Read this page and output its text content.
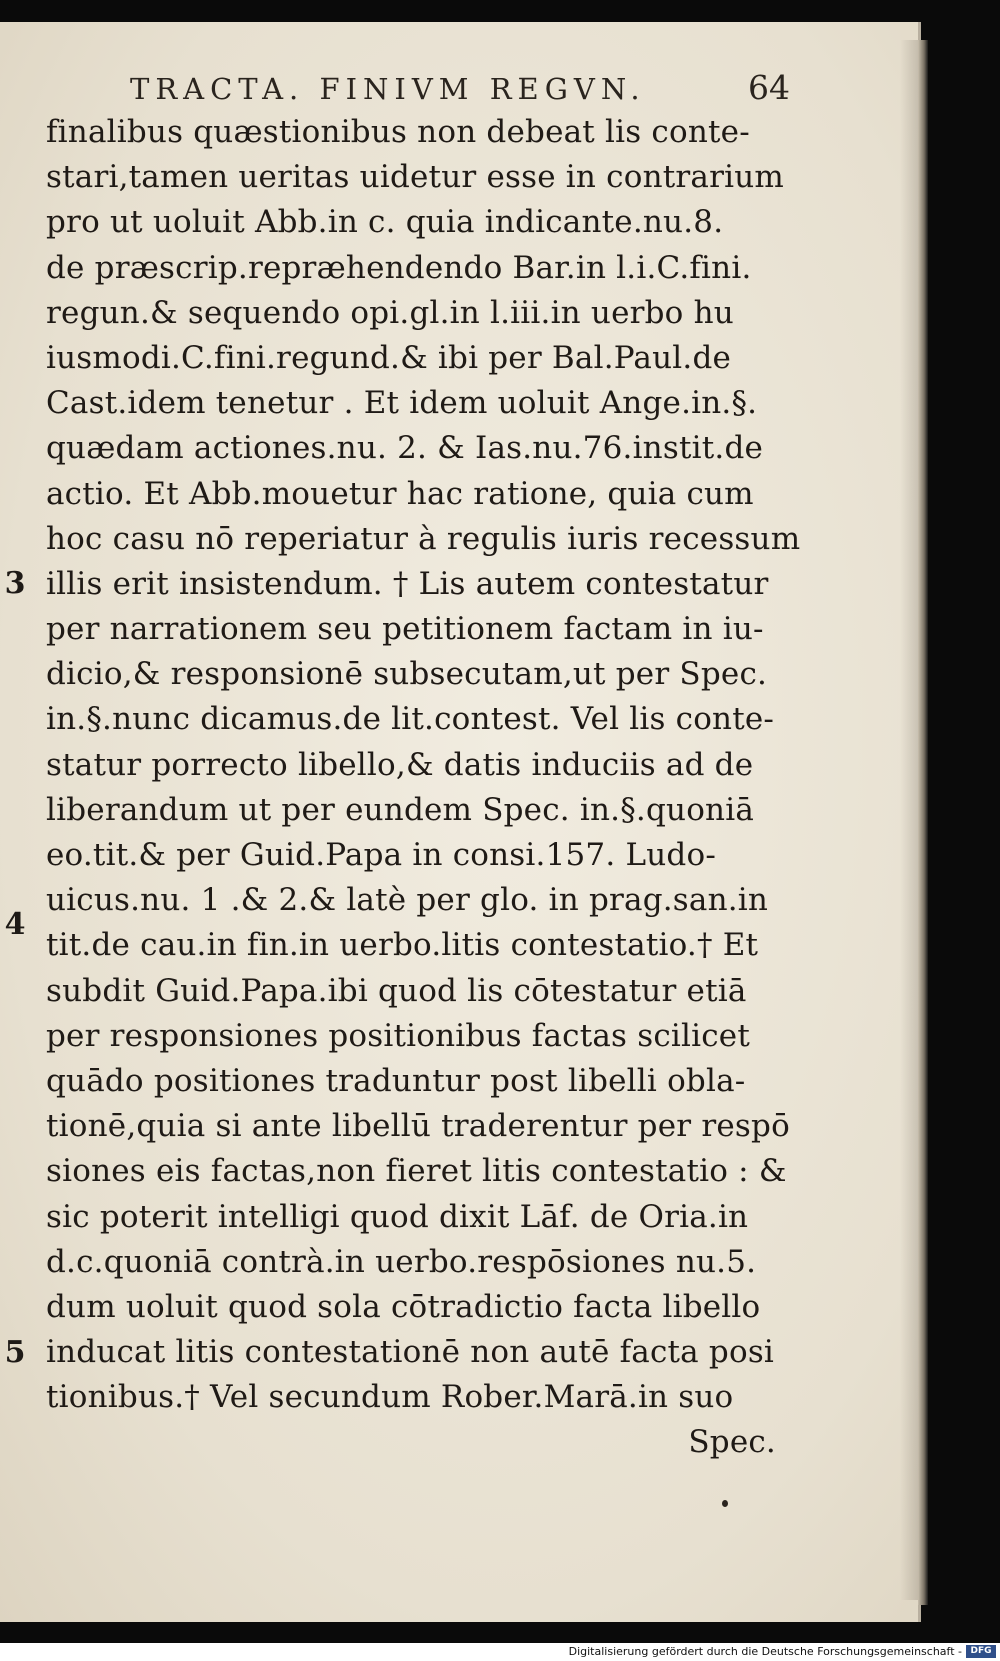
TRACTA. FINIVM REGVN.	64
finalibus quæstionibus non debeat lis conte-
stari,tamen ueritas uidetur esse in contrarium
pro ut uoluit Abb.in c. quia indicante.nu.8.
de præscrip.repræhendendo Bar.in l.i.C.fini.
regun.& sequendo opi.gl.in l.iii.in uerbo hu
iusmodi.C.fini.regund.& ibi per Bal.Paul.de
Cast.idem tenetur . Et idem uoluit Ange.in.§.
quædam actiones.nu. 2. & Ias.nu.76.instit.de
actio. Et Abb.mouetur hac ratione, quia cum
hoc casu nō reperiatur à regulis iuris recessum
illis erit insistendum. † Lis autem contestatur
per narrationem seu petitionem factam in iu-
dicio,& responsionē subsecutam,ut per Spec.
in.§.nunc dicamus.de lit.contest. Vel lis conte-
statur porrecto libello,& datis induciis ad de
liberandum ut per eundem Spec. in.§.quoniā
eo.tit.& per Guid.Papa in consi.157. Ludo-
uicus.nu. 1 .& 2.& latè per glo. in prag.san.in
tit.de cau.in fin.in uerbo.litis contestatio.† Et
subdit Guid.Papa.ibi quod lis cōtestatur etiā
per responsiones positionibus factas scilicet
quādo positiones traduntur post libelli obla-
tionē,quia si ante libellū traderentur per respō
siones eis factas,non fieret litis contestatio : &
sic poterit intelligi quod dixit Lāf. de Oria.in
d.c.quoniā contrà.in uerbo.respōsiones nu.5.
dum uoluit quod sola cōtradictio facta libello
inducat litis contestationē non autē facta posi
tionibus.† Vel secundum Rober.Marā.in suo
Spec.
3
4
5
Digitalisierung gefördert durch die Deutsche Forschungsgemeinschaft - DFG
